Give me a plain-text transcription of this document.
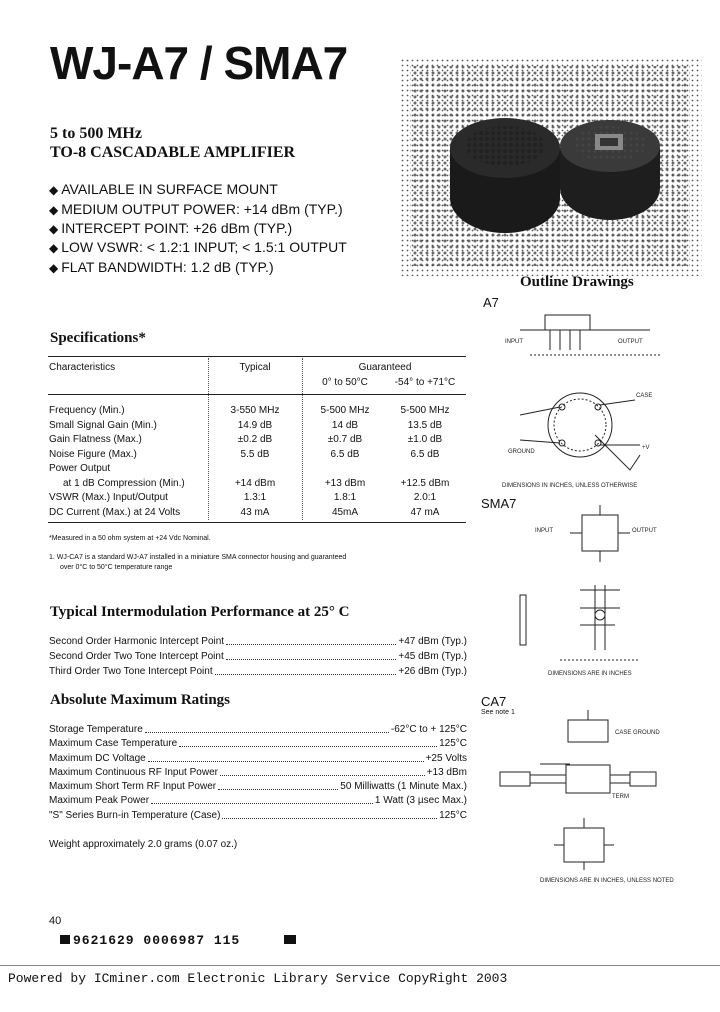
WJ-A7 / SMA7
5 to 500 MHz
TO-8 CASCADABLE AMPLIFIER
◆ AVAILABLE IN SURFACE MOUNT
◆ MEDIUM OUTPUT POWER: +14 dBm (TYP.)
◆ INTERCEPT POINT: +26 dBm (TYP.)
◆ LOW VSWR: < 1.2:1 INPUT; < 1.5:1 OUTPUT
◆ FLAT BANDWIDTH: 1.2 dB (TYP.)
Specifications*
Characteristics	Typical	Guaranteed
0° to 50°C	-54° to +71°C
Frequency (Min.)	3-550 MHz	5-500 MHz	5-500 MHz
Small Signal Gain (Min.)	14.9 dB	14 dB	13.5 dB
Gain Flatness (Max.)	±0.2 dB	±0.7 dB	±1.0 dB
Noise Figure (Max.)	5.5 dB	6.5 dB	6.5 dB
Power Output
at 1 dB Compression (Min.)	+14 dBm	+13 dBm	+12.5 dBm
VSWR (Max.) Input/Output	1.3:1	1.8:1	2.0:1
DC Current (Max.) at 24 Volts	43 mA	45mA	47 mA
*Measured in a 50 ohm system at +24 Vdc Nominal.
1. WJ-CA7 is a standard WJ-A7 installed in a miniature SMA connector housing and guaranteed
over 0°C to 50°C temperature range
Typical Intermodulation Performance at 25° C
Second Order Harmonic Intercept Point	+47 dBm (Typ.)
Second Order Two Tone Intercept Point	+45 dBm (Typ.)
Third Order Two Tone Intercept Point	+26 dBm (Typ.)
Absolute Maximum Ratings
Storage Temperature	-62°C to + 125°C
Maximum Case Temperature	125°C
Maximum DC Voltage	+25 Volts
Maximum Continuous RF Input Power	+13 dBm
Maximum Short Term RF Input Power	50 Milliwatts (1 Minute Max.)
Maximum Peak Power	1 Watt (3 µsec Max.)
"S" Series Burn-in Temperature (Case)	125°C
Weight approximately 2.0 grams (0.07 oz.)
Outline Drawings
A7
SMA7
CA7
See note 1
INPUT	OUTPUT
GROUND
CASE
+V
DIMENSIONS IN INCHES, UNLESS OTHERWISE
INPUT	OUTPUT
DIMENSIONS ARE IN INCHES
CASE GROUND
TERM
DIMENSIONS ARE IN INCHES, UNLESS NOTED
40
9621629 0006987 115
Powered by ICminer.com Electronic Library Service CopyRight 2003
